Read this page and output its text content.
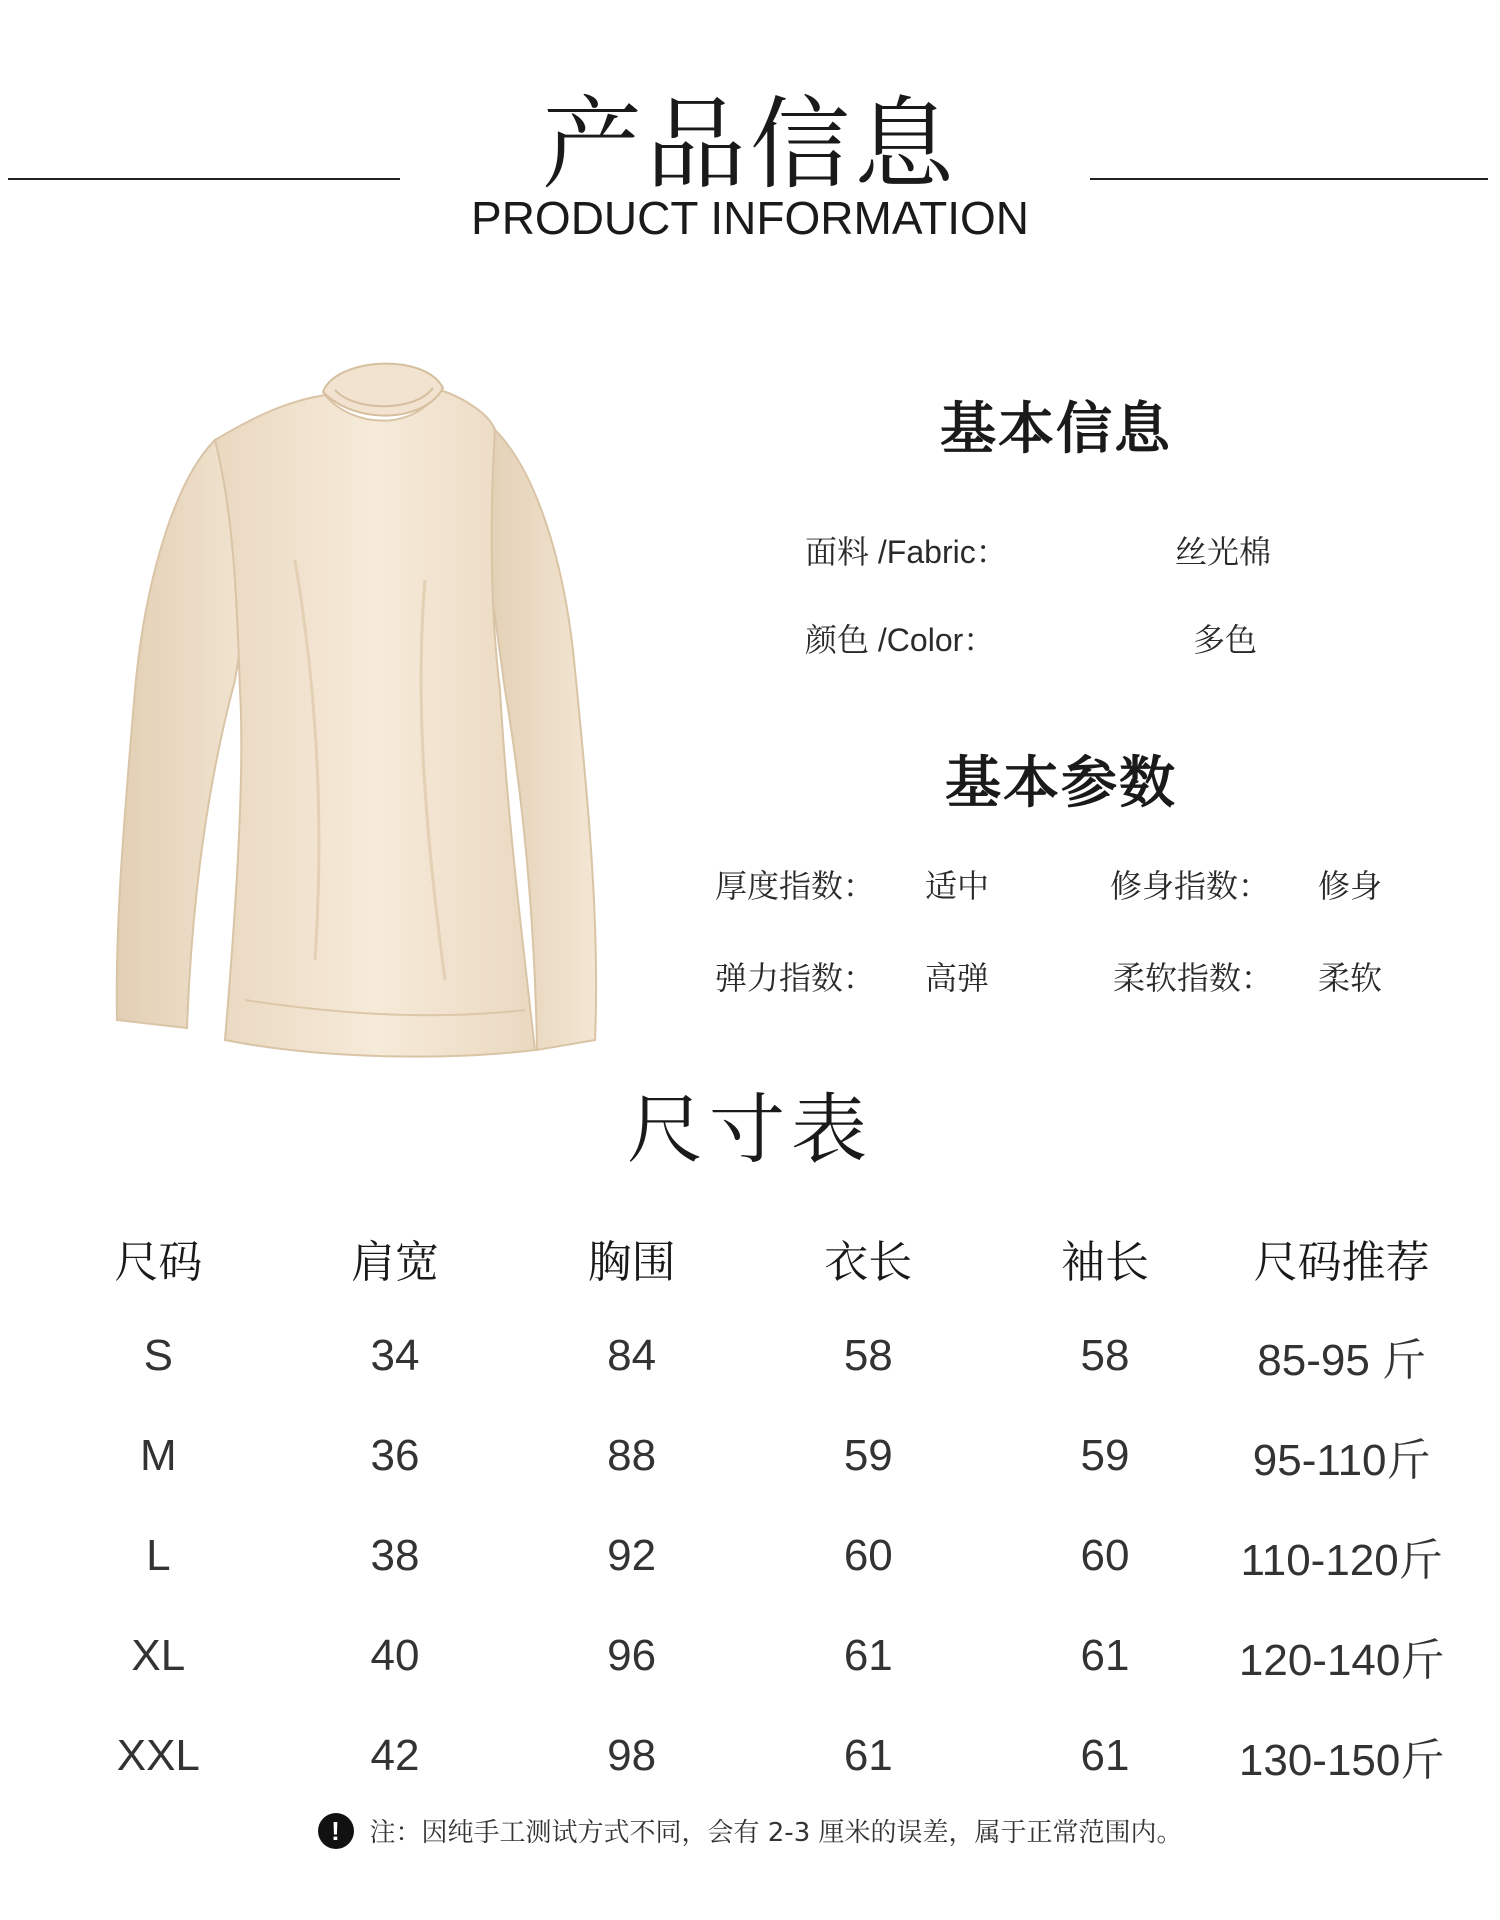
产品信息
PRODUCT INFORMATION
基本信息
面料 /Fabric：	丝光棉
颜色 /Color：	多色
基本参数
厚度指数： 适中	修身指数： 修身
弹力指数： 高弹	柔软指数： 柔软
尺寸表
尺码	肩宽	胸围	衣长	袖长	尺码推荐
S	34	84	58	58	85-95 斤
M	36	88	59	59	95-110斤
L	38	92	60	60	110-120斤
XL	40	96	61	61	120-140斤
XXL	42	98	61	61	130-150斤
!	注：因纯手工测试方式不同，会有 2-3 厘米的误差，属于正常范围内。
